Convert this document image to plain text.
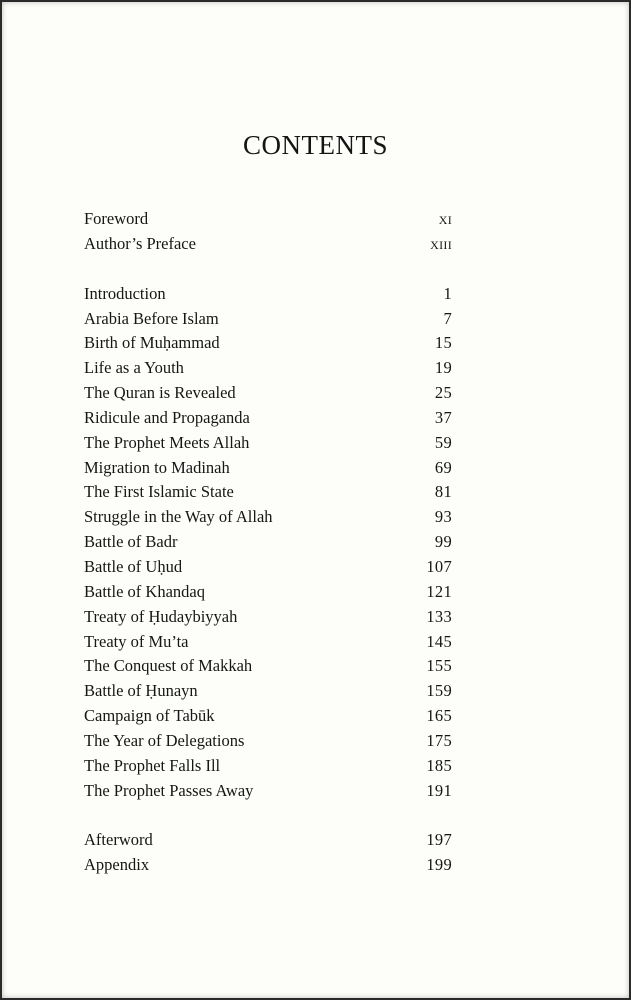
CONTENTS
Foreword	xi
Author’s Preface	xiii
Introduction	1
Arabia Before Islam	7
Birth of Muḥammad	15
Life as a Youth	19
The Quran is Revealed	25
Ridicule and Propaganda	37
The Prophet Meets Allah	59
Migration to Madinah	69
The First Islamic State	81
Struggle in the Way of Allah	93
Battle of Badr	99
Battle of Uḥud	107
Battle of Khandaq	121
Treaty of Ḥudaybiyyah	133
Treaty of Mu’ta	145
The Conquest of Makkah	155
Battle of Ḥunayn	159
Campaign of Tabūk	165
The Year of Delegations	175
The Prophet Falls Ill	185
The Prophet Passes Away	191
Afterword	197
Appendix	199
